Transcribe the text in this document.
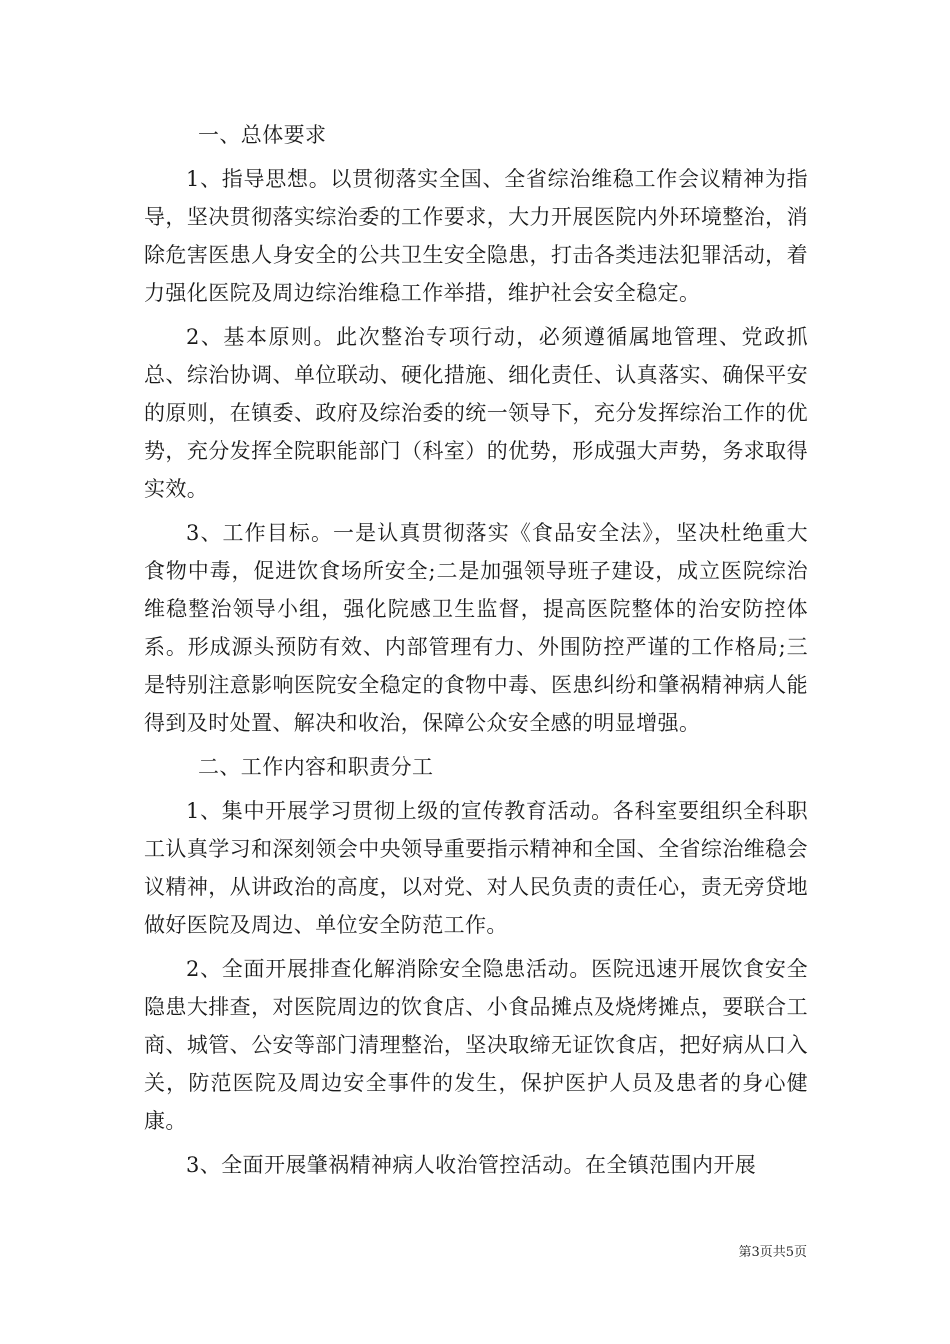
一、总体要求

1、指导思想。以贯彻落实全国、全省综治维稳工作会议精神为指导，坚决贯彻落实综治委的工作要求，大力开展医院内外环境整治，消除危害医患人身安全的公共卫生安全隐患，打击各类违法犯罪活动，着力强化医院及周边综治维稳工作举措，维护社会安全稳定。

2、基本原则。此次整治专项行动，必须遵循属地管理、党政抓总、综治协调、单位联动、硬化措施、细化责任、认真落实、确保平安的原则，在镇委、政府及综治委的统一领导下，充分发挥综治工作的优势，充分发挥全院职能部门（科室）的优势，形成强大声势，务求取得实效。

3、工作目标。一是认真贯彻落实《食品安全法》，坚决杜绝重大食物中毒，促进饮食场所安全;二是加强领导班子建设，成立医院综治维稳整治领导小组，强化院感卫生监督，提高医院整体的治安防控体系。形成源头预防有效、内部管理有力、外围防控严谨的工作格局;三是特别注意影响医院安全稳定的食物中毒、医患纠纷和肇祸精神病人能得到及时处置、解决和收治，保障公众安全感的明显增强。

二、工作内容和职责分工

1、集中开展学习贯彻上级的宣传教育活动。各科室要组织全科职工认真学习和深刻领会中央领导重要指示精神和全国、全省综治维稳会议精神，从讲政治的高度，以对党、对人民负责的责任心，责无旁贷地做好医院及周边、单位安全防范工作。

2、全面开展排查化解消除安全隐患活动。医院迅速开展饮食安全隐患大排查，对医院周边的饮食店、小食品摊点及烧烤摊点，要联合工商、城管、公安等部门清理整治，坚决取缔无证饮食店，把好病从口入关，防范医院及周边安全事件的发生，保护医护人员及患者的身心健康。

3、全面开展肇祸精神病人收治管控活动。在全镇范围内开展

第3页共5页
